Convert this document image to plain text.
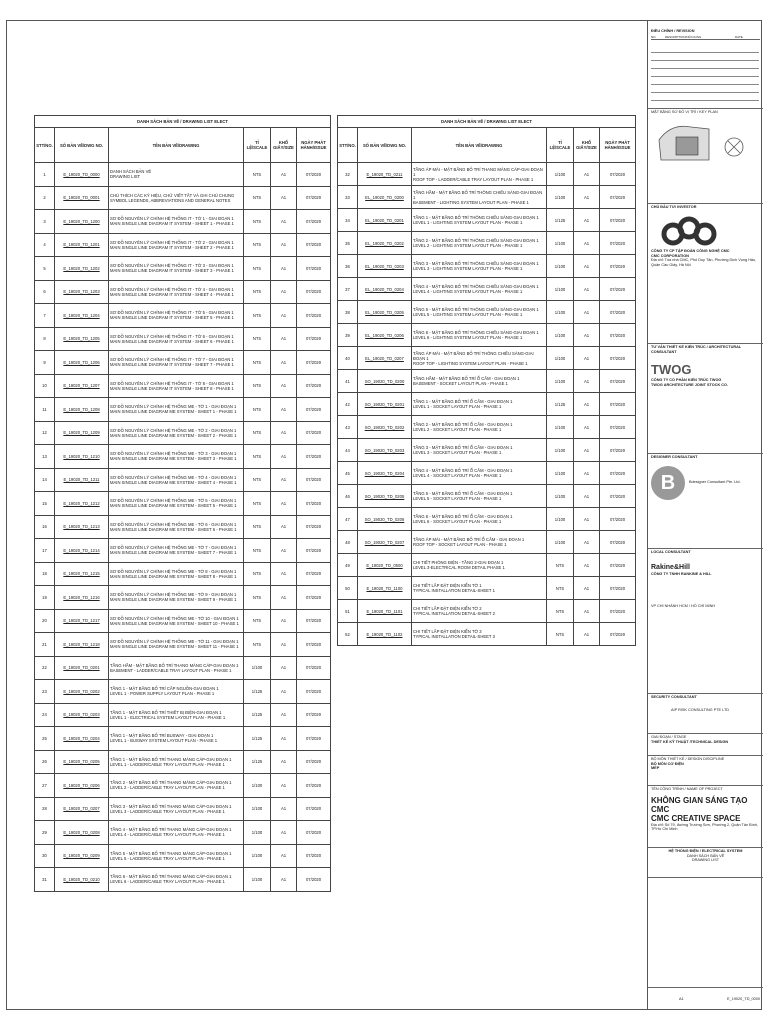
DANH SÁCH BẢN VẼ / DRAWING LIST ELECT					
STT/NO.	SỐ BẢN VẼ/DWG NO.	TÊN BẢN VẼ/DRAWING	TỈ LỆ/SCALE	KHỔ GIẤY/SIZE	NGÀY PHÁT HÀNH/ISSUE
1	E_19020_TD_0000	DANH SÁCH BẢN VẼ
DRAWING LIST	NTS	A1	07/2020
2	E_19020_TD_0001	CHÚ THÍCH CÁC KÝ HIỆU, CHỮ VIẾT TẮT VÀ GHI CHÚ CHUNG
SYMBOL LEGENDS, ABBREVIATIONS AND GENERAL NOTES	NTS	A1	07/2020
3	E_19020_TD_1200	SƠ ĐỒ NGUYÊN LÝ CHÍNH HỆ THỐNG IT - TỜ 1 - GIAI ĐOẠN 1
MAIN SINGLE LINE DIAGRAM IT SYSTEM - SHEET 1 - PHASE 1	NTS	A1	07/2020
4	E_19020_TD_1201	SƠ ĐỒ NGUYÊN LÝ CHÍNH HỆ THỐNG IT - TỜ 2 - GIAI ĐOẠN 1
MAIN SINGLE LINE DIAGRAM IT SYSTEM - SHEET 2 - PHASE 1	NTS	A1	07/2020
5	E_19020_TD_1202	SƠ ĐỒ NGUYÊN LÝ CHÍNH HỆ THỐNG IT - TỜ 3 - GIAI ĐOẠN 1
MAIN SINGLE LINE DIAGRAM IT SYSTEM - SHEET 3 - PHASE 1	NTS	A1	07/2020
6	E_19020_TD_1203	SƠ ĐỒ NGUYÊN LÝ CHÍNH HỆ THỐNG IT - TỜ 4 - GIAI ĐOẠN 1
MAIN SINGLE LINE DIAGRAM IT SYSTEM - SHEET 4 - PHASE 1	NTS	A1	07/2020
7	E_19020_TD_1204	SƠ ĐỒ NGUYÊN LÝ CHÍNH HỆ THỐNG IT - TỜ 5 - GIAI ĐOẠN 1
MAIN SINGLE LINE DIAGRAM IT SYSTEM - SHEET 5 - PHASE 1	NTS	A1	07/2020
8	E_19020_TD_1205	SƠ ĐỒ NGUYÊN LÝ CHÍNH HỆ THỐNG IT - TỜ 6 - GIAI ĐOẠN 1
MAIN SINGLE LINE DIAGRAM IT SYSTEM - SHEET 6 - PHASE 1	NTS	A1	07/2020
9	E_19020_TD_1206	SƠ ĐỒ NGUYÊN LÝ CHÍNH HỆ THỐNG IT - TỜ 7 - GIAI ĐOẠN 1
MAIN SINGLE LINE DIAGRAM IT SYSTEM - SHEET 7 - PHASE 1	NTS	A1	07/2020
10	E_19020_TD_1207	SƠ ĐỒ NGUYÊN LÝ CHÍNH HỆ THỐNG IT - TỜ 8 - GIAI ĐOẠN 1
MAIN SINGLE LINE DIAGRAM IT SYSTEM - SHEET 8 - PHASE 1	NTS	A1	07/2020
11	E_19020_TD_1208	SƠ ĐỒ NGUYÊN LÝ CHÍNH HỆ THỐNG ME - TỜ 1 - GIAI ĐOẠN 1
MAIN SINGLE LINE DIAGRAM ME SYSTEM - SHEET 1 - PHASE 1	NTS	A1	07/2020
12	E_19020_TD_1209	SƠ ĐỒ NGUYÊN LÝ CHÍNH HỆ THỐNG ME - TỜ 2 - GIAI ĐOẠN 1
MAIN SINGLE LINE DIAGRAM ME SYSTEM - SHEET 2 - PHASE 1	NTS	A1	07/2020
13	E_19020_TD_1210	SƠ ĐỒ NGUYÊN LÝ CHÍNH HỆ THỐNG ME - TỜ 3 - GIAI ĐOẠN 1
MAIN SINGLE LINE DIAGRAM ME SYSTEM - SHEET 3 - PHASE 1	NTS	A1	07/2020
14	E_19020_TD_1211	SƠ ĐỒ NGUYÊN LÝ CHÍNH HỆ THỐNG ME - TỜ 4 - GIAI ĐOẠN 1
MAIN SINGLE LINE DIAGRAM ME SYSTEM - SHEET 4 - PHASE 1	NTS	A1	07/2020
15	E_19020_TD_1212	SƠ ĐỒ NGUYÊN LÝ CHÍNH HỆ THỐNG ME - TỜ 5 - GIAI ĐOẠN 1
MAIN SINGLE LINE DIAGRAM ME SYSTEM - SHEET 5 - PHASE 1	NTS	A1	07/2020
16	E_19020_TD_1213	SƠ ĐỒ NGUYÊN LÝ CHÍNH HỆ THỐNG ME - TỜ 6 - GIAI ĐOẠN 1
MAIN SINGLE LINE DIAGRAM ME SYSTEM - SHEET 6 - PHASE 1	NTS	A1	07/2020
17	E_19020_TD_1214	SƠ ĐỒ NGUYÊN LÝ CHÍNH HỆ THỐNG ME - TỜ 7 - GIAI ĐOẠN 1
MAIN SINGLE LINE DIAGRAM ME SYSTEM - SHEET 7 - PHASE 1	NTS	A1	07/2020
18	E_19020_TD_1215	SƠ ĐỒ NGUYÊN LÝ CHÍNH HỆ THỐNG ME - TỜ 8 - GIAI ĐOẠN 1
MAIN SINGLE LINE DIAGRAM ME SYSTEM - SHEET 8 - PHASE 1	NTS	A1	07/2020
19	E_19020_TD_1216	SƠ ĐỒ NGUYÊN LÝ CHÍNH HỆ THỐNG ME - TỜ 9 - GIAI ĐOẠN 1
MAIN SINGLE LINE DIAGRAM ME SYSTEM - SHEET 9 - PHASE 1	NTS	A1	07/2020
20	E_19020_TD_1217	SƠ ĐỒ NGUYÊN LÝ CHÍNH HỆ THỐNG ME - TỜ 10 - GIAI ĐOẠN 1
MAIN SINGLE LINE DIAGRAM ME SYSTEM - SHEET 10 - PHASE 1	NTS	A1	07/2020
21	E_19020_TD_1218	SƠ ĐỒ NGUYÊN LÝ CHÍNH HỆ THỐNG ME - TỜ 11 - GIAI ĐOẠN 1
MAIN SINGLE LINE DIAGRAM ME SYSTEM - SHEET 11 - PHASE 1	NTS	A1	07/2020
22	E_19020_TD_0201	TẦNG HẦM - MẶT BẰNG BỐ TRÍ THANG MÁNG CÁP-GIAI ĐOẠN 1
BASEMENT - LADDER/CABLE TRAY LAYOUT PLAN - PHASE 1	1/100	A1	07/2020
23	E_19020_TD_0202	TẦNG 1 - MẶT BẰNG BỐ TRÍ CẤP NGUỒN-GIAI ĐOẠN 1
LEVEL 1 - POWER SUPPLY LAYOUT PLAN - PHASE 1	1/125	A1	07/2020
24	E_19020_TD_0203	TẦNG 1 - MẶT BẰNG BỐ TRÍ THIẾT BỊ ĐIỆN-GIAI ĐOẠN 1
LEVEL 1 - ELECTRICAL SYSTEM LAYOUT PLAN - PHASE 1	1/125	A1	07/2020
25	E_19020_TD_0204	TẦNG 1 - MẶT BẰNG BỐ TRÍ BUSWAY - GIAI ĐOẠN 1
LEVEL 1 - BUSWAY SYSTEM LAYOUT PLAN - PHASE 1	1/125	A1	07/2020
26	E_19020_TD_0205	TẦNG 1 - MẶT BẰNG BỐ TRÍ THANG MÁNG CÁP-GIAI ĐOẠN 1
LEVEL 1 - LADDER/CABLE TRAY LAYOUT PLAN - PHASE 1	1/125	A1	07/2020
27	E_19020_TD_0206	TẦNG 2 - MẶT BẰNG BỐ TRÍ THANG MÁNG CÁP-GIAI ĐOẠN 1
LEVEL 2 - LADDER/CABLE TRAY LAYOUT PLAN - PHASE 1	1/100	A1	07/2020
28	E_19020_TD_0207	TẦNG 3 - MẶT BẰNG BỐ TRÍ THANG MÁNG CÁP-GIAI ĐOẠN 1
LEVEL 3 - LADDER/CABLE TRAY LAYOUT PLAN - PHASE 1	1/100	A1	07/2020
29	E_19020_TD_0208	TẦNG 4 - MẶT BẰNG BỐ TRÍ THANG MÁNG CÁP-GIAI ĐOẠN 1
LEVEL 4 - LADDER/CABLE TRAY LAYOUT PLAN - PHASE 1	1/100	A1	07/2020
30	E_19020_TD_0209	TẦNG 5 - MẶT BẰNG BỐ TRÍ THANG MÁNG CÁP-GIAI ĐOẠN 1
LEVEL 5 - LADDER/CABLE TRAY LAYOUT PLAN - PHASE 1	1/100	A1	07/2020
31	E_19020_TD_0210	TẦNG 6 - MẶT BẰNG BỐ TRÍ THANG MÁNG CÁP-GIAI ĐOẠN 1
LEVEL 6 - LADDER/CABLE TRAY LAYOUT PLAN - PHASE 1	1/100	A1	07/2020
DANH SÁCH BẢN VẼ / DRAWING LIST ELECT					
STT/NO.	SỐ BẢN VẼ/DWG NO.	TÊN BẢN VẼ/DRAWING	TỈ LỆ/SCALE	KHỔ GIẤY/SIZE	NGÀY PHÁT HÀNH/ISSUE
32	E_19020_TD_0211	TẦNG ÁP MÁI - MẶT BẰNG BỐ TRÍ THANG MÁNG CÁP-GIAI ĐOẠN 1
ROOF TOP - LADDER/CABLE TRAY LAYOUT PLAN - PHASE 1	1/100	A1	07/2020
33	EL_19020_TD_0200	TẦNG HẦM - MẶT BẰNG BỐ TRÍ THÔNG CHIẾU SÁNG-GIAI ĐOẠN 1
BASEMENT - LIGHTING SYSTEM LAYOUT PLAN - PHASE 1	1/100	A1	07/2020
34	EL_19020_TD_0201	TẦNG 1 - MẶT BẰNG BỐ TRÍ THÔNG CHIẾU SÁNG-GIAI ĐOẠN 1
LEVEL 1 - LIGHTING SYSTEM LAYOUT PLAN - PHASE 1	1/125	A1	07/2020
35	EL_19020_TD_0202	TẦNG 2 - MẶT BẰNG BỐ TRÍ THÔNG CHIẾU SÁNG-GIAI ĐOẠN 1
LEVEL 2 - LIGHTING SYSTEM LAYOUT PLAN - PHASE 1	1/100	A1	07/2020
36	EL_19020_TD_0203	TẦNG 3 - MẶT BẰNG BỐ TRÍ THÔNG CHIẾU SÁNG-GIAI ĐOẠN 1
LEVEL 3 - LIGHTING SYSTEM LAYOUT PLAN - PHASE 1	1/100	A1	07/2020
37	EL_19020_TD_0204	TẦNG 4 - MẶT BẰNG BỐ TRÍ THÔNG CHIẾU SÁNG-GIAI ĐOẠN 1
LEVEL 4 - LIGHTING SYSTEM LAYOUT PLAN - PHASE 1	1/100	A1	07/2020
38	EL_19020_TD_0205	TẦNG 5 - MẶT BẰNG BỐ TRÍ THÔNG CHIẾU SÁNG-GIAI ĐOẠN 1
LEVEL 5 - LIGHTING SYSTEM LAYOUT PLAN - PHASE 1	1/100	A1	07/2020
39	EL_19020_TD_0206	TẦNG 6 - MẶT BẰNG BỐ TRÍ THÔNG CHIẾU SÁNG-GIAI ĐOẠN 1
LEVEL 6 - LIGHTING SYSTEM LAYOUT PLAN - PHASE 1	1/100	A1	07/2020
40	EL_19020_TD_0207	TẦNG ÁP MÁI - MẶT BẰNG BỐ TRÍ THÔNG CHIẾU SÁNG-GIAI ĐOẠN 1
ROOF TOP - LIGHTING SYSTEM LAYOUT PLAN - PHASE 1	1/100	A1	07/2020
41	SO_19020_TD_0200	TẦNG HẦM - MẶT BẰNG BỐ TRÍ Ổ CẮM - GIAI ĐOẠN 1
BASEMENT - SOCKET LAYOUT PLAN - PHASE 1	1/100	A1	07/2020
42	SO_19020_TD_0201	TẦNG 1 - MẶT BẰNG BỐ TRÍ Ổ CẮM - GIAI ĐOẠN 1
LEVEL 1 - SOCKET LAYOUT PLAN - PHASE 1	1/125	A1	07/2020
43	SO_19020_TD_0202	TẦNG 2 - MẶT BẰNG BỐ TRÍ Ổ CẮM - GIAI ĐOẠN 1
LEVEL 2 - SOCKET LAYOUT PLAN - PHASE 1	1/100	A1	07/2020
44	SO_19020_TD_0203	TẦNG 3 - MẶT BẰNG BỐ TRÍ Ổ CẮM - GIAI ĐOẠN 1
LEVEL 3 - SOCKET LAYOUT PLAN - PHASE 1	1/100	A1	07/2020
45	SO_19020_TD_0204	TẦNG 4 - MẶT BẰNG BỐ TRÍ Ổ CẮM - GIAI ĐOẠN 1
LEVEL 4 - SOCKET LAYOUT PLAN - PHASE 1	1/100	A1	07/2020
46	SO_19020_TD_0205	TẦNG 5 - MẶT BẰNG BỐ TRÍ Ổ CẮM - GIAI ĐOẠN 1
LEVEL 5 - SOCKET LAYOUT PLAN - PHASE 1	1/100	A1	07/2020
47	SO_19020_TD_0206	TẦNG 6 - MẶT BẰNG BỐ TRÍ Ổ CẮM - GIAI ĐOẠN 1
LEVEL 6 - SOCKET LAYOUT PLAN - PHASE 1	1/100	A1	07/2020
48	SO_19020_TD_0207	TẦNG ÁP MÁI - MẶT BẰNG BỐ TRÍ Ổ CẮM - GIAI ĐOẠN 1
ROOF TOP - SOCKET LAYOUT PLAN - PHASE 1	1/100	A1	07/2020
49	E_19020_TD_0500	CHI TIẾT PHÒNG ĐIỆN - TẦNG 2-GIAI ĐOẠN 1
LEVEL 3-ELECTRICAL ROOM DETAIL PHASE 1	NTS	A1	07/2020
50	E_19020_TD_1100	CHI TIẾT LẮP ĐẶT ĐIỆN KIỂN TỜ 1
TYPICAL INSTALLATION DETAIL-SHEET 1	NTS	A1	07/2020
51	E_19020_TD_1101	CHI TIẾT LẮP ĐẶT ĐIỆN KIỂN TỜ 2
TYPICAL INSTALLATION DETAIL-SHEET 2	NTS	A1	07/2020
52	E_19020_TD_1102	CHI TIẾT LẮP ĐẶT ĐIỆN KIỂN TỜ 3
TYPICAL INSTALLATION DETAIL-SHEET 3	NTS	A1	07/2020
ĐIỀU CHỈNH / REVISION
NO.	DESCRIPTION/NỘI DUNG	DATE
MẶT BẰNG SƠ ĐỒ VỊ TRÍ / KEY PLAN
CHỦ ĐẦU TƯ/ INVESTOR
CÔNG TY CP TẬP ĐOÀN CÔNG NGHỆ CMC
CMC CORPORATION
Địa chỉ: Tòa nhà CMC, Phố Duy Tân, Phường Dịch Vọng Hậu, Quận Cầu Giấy, Hà Nội
TƯ VẤN THIẾT KẾ KIẾN TRÚC / ARCHITECTURAL CONSULTANT
TWOG
CÔNG TY CỔ PHẦN KIẾN TRÚC TWOG
TWOG ARCHITECTURE JOINT STOCK CO.
DESIGNER CONSULTANT
B	Bdesigner Consultant Pte. Ltd.
LOCAL CONSULTANT
Rakine&Hill
CÔNG TY TNHH RANKINE & HILL
VP CHI NHÁNH HCM / HỒ CHÍ MINH
SECURITY CONSULTANT
AIP RISK CONSULTING PTE LTD
GIAI ĐOẠN / STAGE
THIẾT KẾ KỸ THUẬT /TECHNICAL DESIGN
BỘ MÔN THIẾT KẾ / DESIGN DISCIPLINE
BỘ MÔN CƠ ĐIỆN
MEP
TÊN CÔNG TRÌNH / NAME OF PROJECT
KHÔNG GIAN SÁNG TẠO CMC
CMC CREATIVE SPACE
Địa chỉ: Số 79, đường Trường Sơn, Phường 2, Quận Tân Bình, TP.Hồ Chí Minh
HỆ THỐNG ĐIỆN / ELECTRICAL SYSTEM
DANH SÁCH BẢN VẼ
DRAWING LIST
A1	E_19020_TD_0000
